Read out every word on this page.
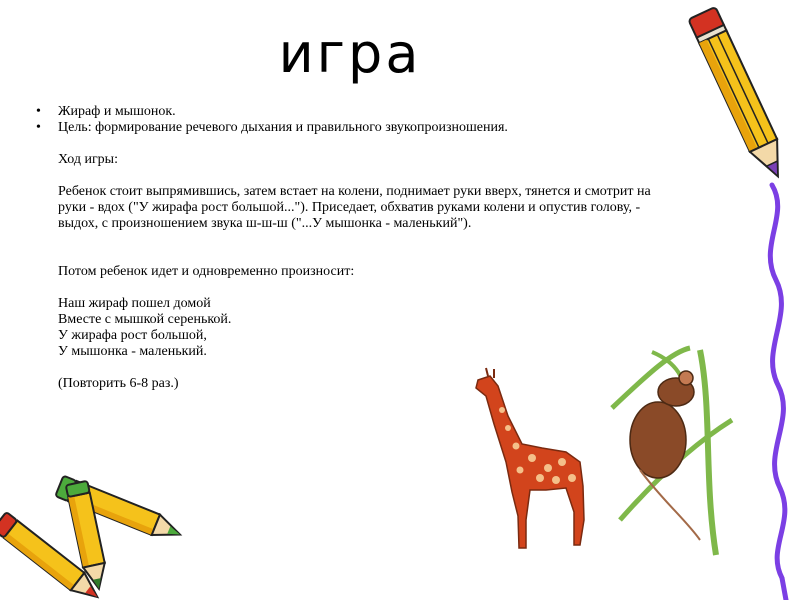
игра
•	Жираф и мышонок.
•	Цель: формирование речевого дыхания и правильного звукопроизношения.
Ход игры:
Ребенок стоит выпрямившись, затем встает на колени, поднимает руки вверх, тянется и смотрит на
руки - вдох ("У жирафа рост большой..."). Приседает, обхватив руками колени и опустив голову, -
выдох, с произношением звука ш-ш-ш ("...У мышонка - маленький").
Потом ребенок идет и одновременно произносит:
Наш жираф пошел домой
Вместе с мышкой серенькой.
У жирафа рост большой,
У мышонка - маленький.
(Повторить 6-8 раз.)
